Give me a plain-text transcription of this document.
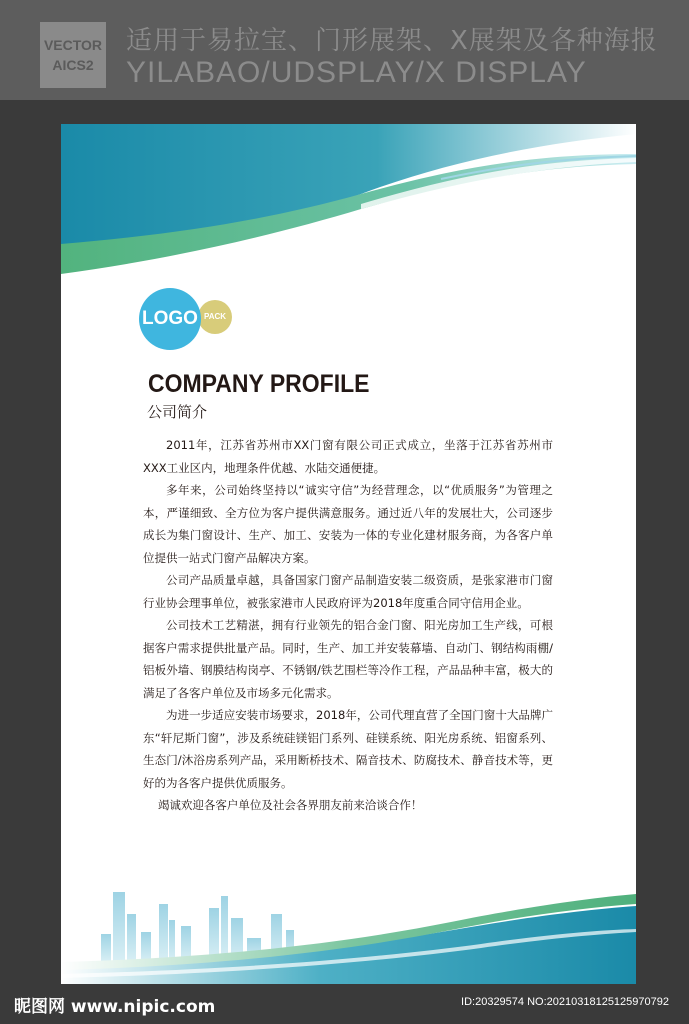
VECTOR
AICS2
适用于易拉宝、门形展架、X展架及各种海报
YILABAO/UDSPLAY/X DISPLAY
PACK
LOGO
COMPANY PROFILE
公司简介

2011年，江苏省苏州市XX门窗有限公司正式成立，坐落于江苏省苏州市XXX工业区内，地理条件优越、水陆交通便捷。

多年来，公司始终坚持以“诚实守信”为经营理念，以“优质服务”为管理之本，严谨细致、全方位为客户提供满意服务。通过近八年的发展壮大，公司逐步成长为集门窗设计、生产、加工、安装为一体的专业化建材服务商，为各客户单位提供一站式门窗产品解决方案。

公司产品质量卓越，具备国家门窗产品制造安装二级资质，是张家港市门窗行业协会理事单位，被张家港市人民政府评为2018年度重合同守信用企业。

公司技术工艺精湛，拥有行业领先的铝合金门窗、阳光房加工生产线，可根据客户需求提供批量产品。同时，生产、加工并安装幕墙、自动门、钢结构雨棚/铝板外墙、钢膜结构岗亭、不锈钢/铁艺围栏等冷作工程，产品品种丰富，极大的满足了各客户单位及市场多元化需求。

为进一步适应安装市场要求，2018年，公司代理直营了全国门窗十大品牌广东“轩尼斯门窗”，涉及系统硅镁铝门系列、硅镁系统、阳光房系统、铝窗系列、生态门/沐浴房系列产品，采用断桥技术、隔音技术、防腐技术、静音技术等，更好的为各客户提供优质服务。

竭诚欢迎各客户单位及社会各界朋友前来洽谈合作！

昵图网 www.nipic.com	ID:20329574 NO:20210318125125970792
